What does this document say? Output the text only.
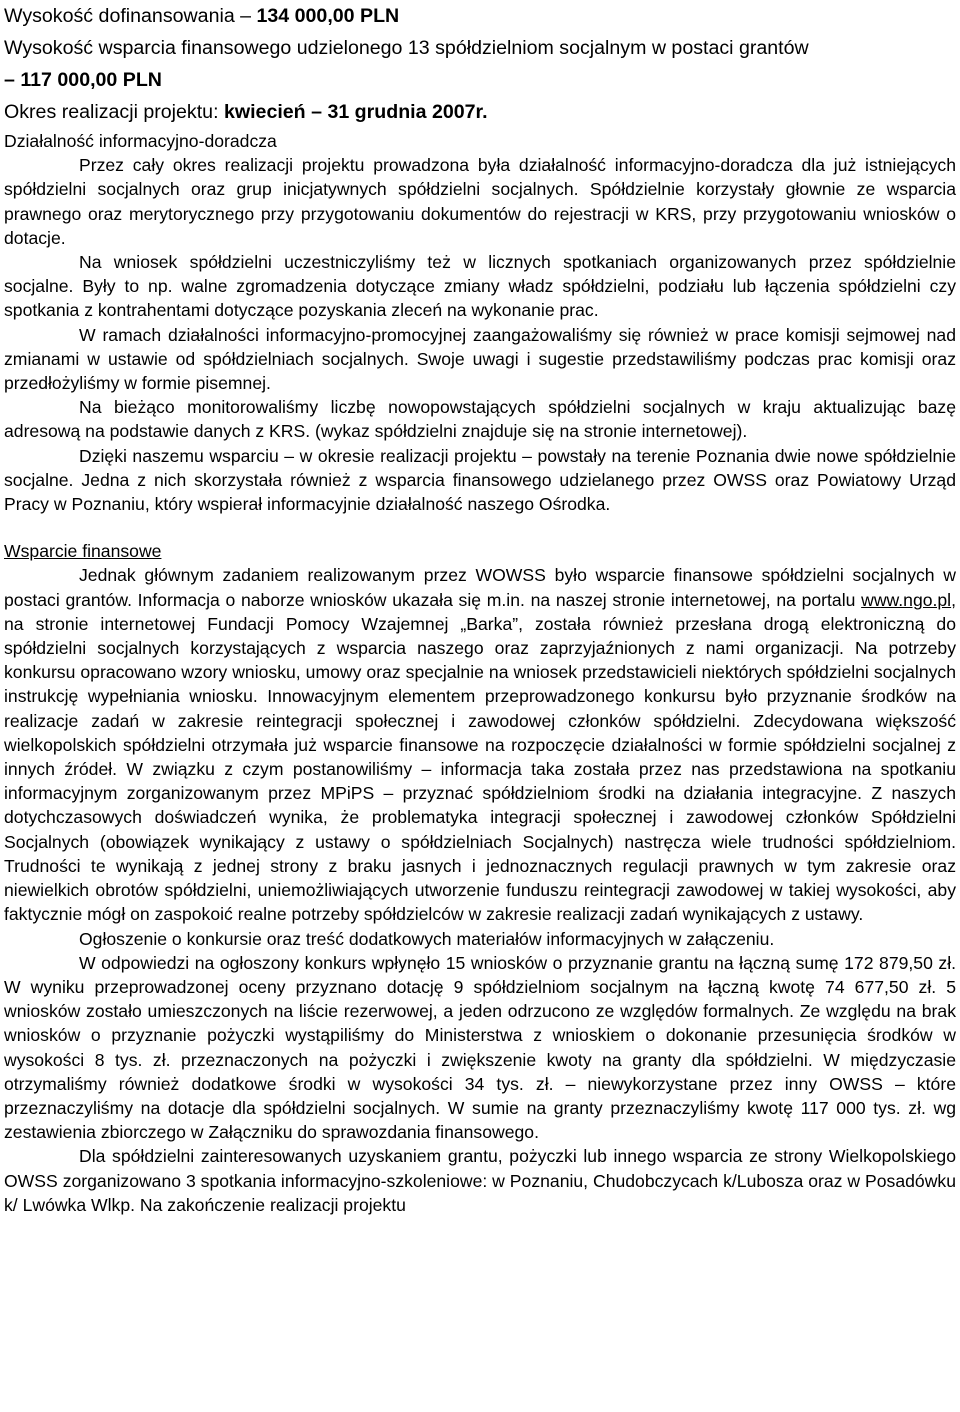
Wysokość dofinansowania – 134 000,00 PLN

Wysokość wsparcia finansowego udzielonego 13 spółdzielniom socjalnym w postaci grantów

– 117 000,00 PLN

Okres realizacji projektu: kwiecień – 31 grudnia 2007r.

Działalność informacyjno-doradcza

Przez cały okres realizacji projektu prowadzona była działalność informacyjno-doradcza dla już istniejących spółdzielni socjalnych oraz grup inicjatywnych spółdzielni socjalnych. Spółdzielnie korzystały głownie ze wsparcia prawnego oraz merytorycznego przy przygotowaniu dokumentów do rejestracji w KRS, przy przygotowaniu wniosków o dotacje.

Na wniosek spółdzielni uczestniczyliśmy też w licznych spotkaniach organizowanych przez spółdzielnie socjalne. Były to np. walne zgromadzenia dotyczące zmiany władz spółdzielni, podziału lub łączenia spółdzielni czy spotkania z kontrahentami dotyczące pozyskania zleceń na wykonanie prac.

W ramach działalności informacyjno-promocyjnej zaangażowaliśmy się również w prace komisji sejmowej nad zmianami w ustawie od spółdzielniach socjalnych. Swoje uwagi i sugestie przedstawiliśmy podczas prac komisji oraz przedłożyliśmy w formie pisemnej.

Na bieżąco monitorowaliśmy liczbę nowopowstających spółdzielni socjalnych w kraju aktualizując bazę adresową na podstawie danych z KRS. (wykaz spółdzielni znajduje się na stronie internetowej).

Dzięki naszemu wsparciu – w okresie realizacji projektu – powstały na terenie Poznania dwie nowe spółdzielnie socjalne. Jedna z nich skorzystała również z wsparcia finansowego udzielanego przez OWSS oraz Powiatowy Urząd Pracy w Poznaniu, który wspierał informacyjnie działalność naszego Ośrodka.

Wsparcie finansowe

Jednak głównym zadaniem realizowanym przez WOWSS było wsparcie finansowe spółdzielni socjalnych w postaci grantów. Informacja o naborze wniosków ukazała się m.in. na naszej stronie internetowej, na portalu www.ngo.pl, na stronie internetowej Fundacji Pomocy Wzajemnej „Barka”, została również przesłana drogą elektroniczną do spółdzielni socjalnych korzystających z wsparcia naszego oraz zaprzyjaźnionych z nami organizacji. Na potrzeby konkursu opracowano wzory wniosku, umowy oraz specjalnie na wniosek przedstawicieli niektórych spółdzielni socjalnych instrukcję wypełniania wniosku. Innowacyjnym elementem przeprowadzonego konkursu było przyznanie środków na realizacje zadań w zakresie reintegracji społecznej i zawodowej członków spółdzielni. Zdecydowana większość wielkopolskich spółdzielni otrzymała już wsparcie finansowe na rozpoczęcie działalności w formie spółdzielni socjalnej z innych źródeł. W związku z czym postanowiliśmy – informacja taka została przez nas przedstawiona na spotkaniu informacyjnym zorganizowanym przez MPiPS – przyznać spółdzielniom środki na działania integracyjne. Z naszych dotychczasowych doświadczeń wynika, że problematyka integracji społecznej i zawodowej członków Spółdzielni Socjalnych (obowiązek wynikający z ustawy o spółdzielniach Socjalnych) nastręcza wiele trudności spółdzielniom. Trudności te wynikają z jednej strony z braku jasnych i jednoznacznych regulacji prawnych w tym zakresie oraz niewielkich obrotów spółdzielni, uniemożliwiających utworzenie funduszu reintegracji zawodowej w takiej wysokości, aby faktycznie mógł on zaspokoić realne potrzeby spółdzielców w zakresie realizacji zadań wynikających z ustawy.

Ogłoszenie o konkursie oraz treść dodatkowych materiałów informacyjnych w załączeniu.

W odpowiedzi na ogłoszony konkurs wpłynęło 15 wniosków o przyznanie grantu na łączną sumę 172 879,50 zł. W wyniku przeprowadzonej oceny przyznano dotację 9 spółdzielniom socjalnym na łączną kwotę 74 677,50 zł. 5 wniosków zostało umieszczonych na liście rezerwowej, a jeden odrzucono ze względów formalnych. Ze względu na brak wniosków o przyznanie pożyczki wystąpiliśmy do Ministerstwa z wnioskiem o dokonanie przesunięcia środków w wysokości 8 tys. zł. przeznaczonych na pożyczki i zwiększenie kwoty na granty dla spółdzielni. W międzyczasie otrzymaliśmy również dodatkowe środki w wysokości 34 tys. zł. – niewykorzystane przez inny OWSS – które przeznaczyliśmy na dotacje dla spółdzielni socjalnych. W sumie na granty przeznaczyliśmy kwotę 117 000 tys. zł. wg zestawienia zbiorczego w Załączniku do sprawozdania finansowego.

Dla spółdzielni zainteresowanych uzyskaniem grantu, pożyczki lub innego wsparcia ze strony Wielkopolskiego OWSS zorganizowano 3 spotkania informacyjno-szkoleniowe: w Poznaniu, Chudobczycach k/Lubosza oraz w Posadówku k/ Lwówka Wlkp. Na zakończenie realizacji projektu
